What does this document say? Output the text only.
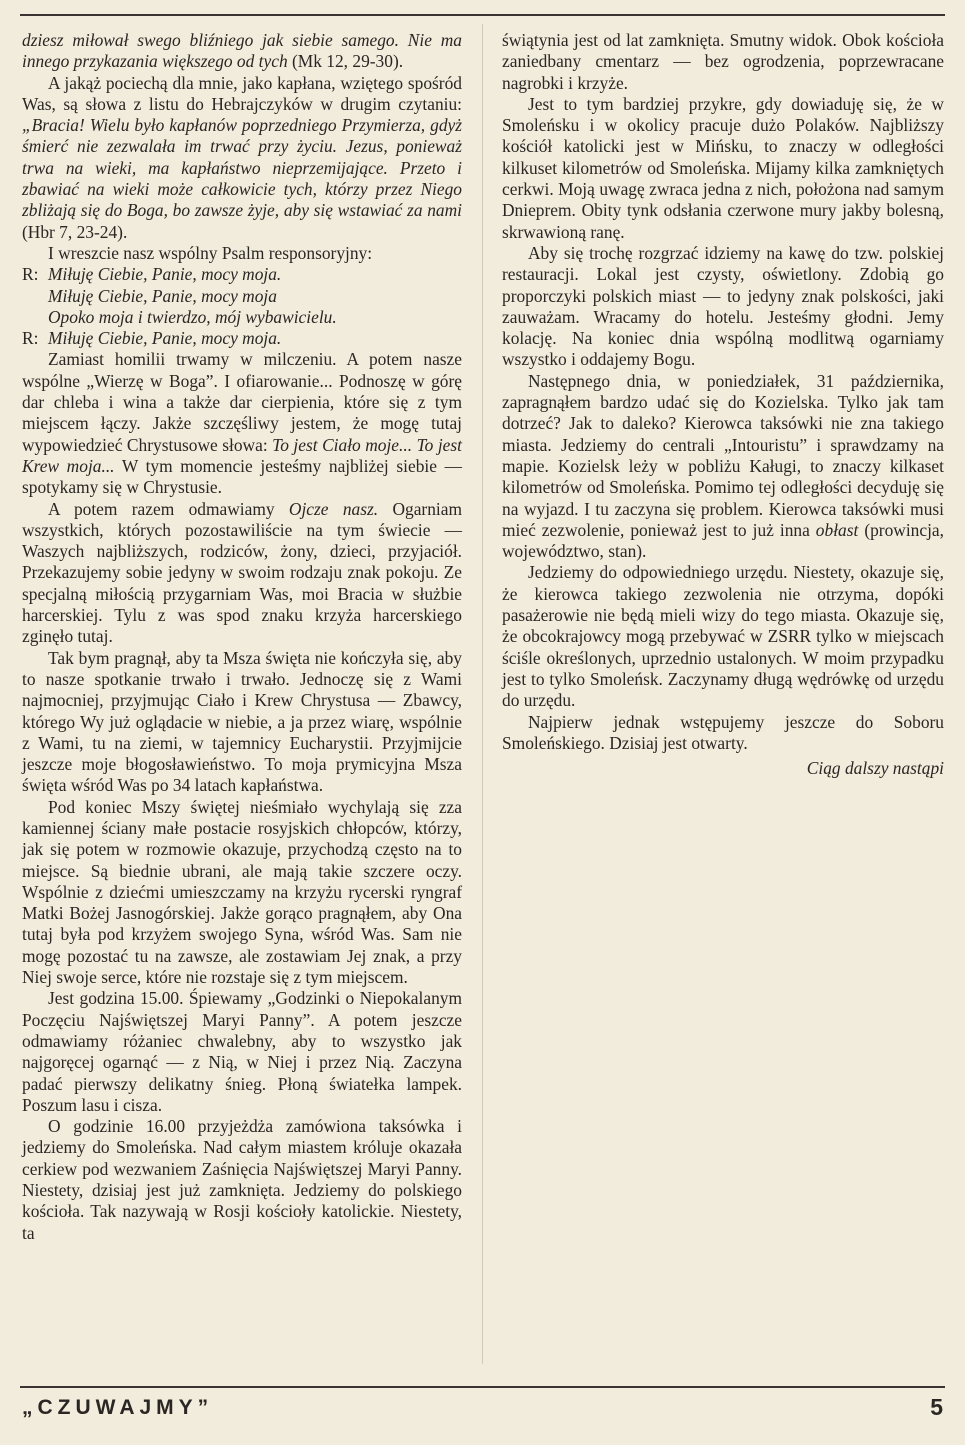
dziesz miłował swego bliźniego jak siebie samego. Nie ma innego przykazania większego od tych (Mk 12, 29-30).

A jakąż pociechą dla mnie, jako kapłana, wziętego spośród Was, są słowa z listu do Hebrajczyków w drugim czytaniu: „Bracia! Wielu było kapłanów poprzedniego Przymierza, gdyż śmierć nie zezwalała im trwać przy życiu. Jezus, ponieważ trwa na wieki, ma kapłaństwo nieprzemijające. Przeto i zbawiać na wieki może całkowicie tych, którzy przez Niego zbliżają się do Boga, bo zawsze żyje, aby się wstawiać za nami (Hbr 7, 23-24).

I wreszcie nasz wspólny Psalm responsoryjny:

R: Miłuję Ciebie, Panie, mocy moja.
Miłuję Ciebie, Panie, mocy moja
Opoko moja i twierdzo, mój wybawicielu.
R: Miłuję Ciebie, Panie, mocy moja.

Zamiast homilii trwamy w milczeniu. A potem nasze wspólne „Wierzę w Boga”. I ofiarowanie... Podnoszę w górę dar chleba i wina a także dar cierpienia, które się z tym miejscem łączy. Jakże szczęśliwy jestem, że mogę tutaj wypowiedzieć Chrystusowe słowa: To jest Ciało moje... To jest Krew moja... W tym momencie jesteśmy najbliżej siebie — spotykamy się w Chrystusie.

A potem razem odmawiamy Ojcze nasz. Ogarniam wszystkich, których pozostawiliście na tym świecie — Waszych najbliższych, rodziców, żony, dzieci, przyjaciół. Przekazujemy sobie jedyny w swoim rodzaju znak pokoju. Ze specjalną miłością przygarniam Was, moi Bracia w służbie harcerskiej. Tylu z was spod znaku krzyża harcerskiego zginęło tutaj.

Tak bym pragnął, aby ta Msza święta nie kończyła się, aby to nasze spotkanie trwało i trwało. Jednoczę się z Wami najmocniej, przyjmując Ciało i Krew Chrystusa — Zbawcy, którego Wy już oglądacie w niebie, a ja przez wiarę, wspólnie z Wami, tu na ziemi, w tajemnicy Eucharystii. Przyjmijcie jeszcze moje błogosławieństwo. To moja prymicyjna Msza święta wśród Was po 34 latach kapłaństwa.

Pod koniec Mszy świętej nieśmiało wychylają się zza kamiennej ściany małe postacie rosyjskich chłopców, którzy, jak się potem w rozmowie okazuje, przychodzą często na to miejsce. Są biednie ubrani, ale mają takie szczere oczy. Wspólnie z dziećmi umieszczamy na krzyżu rycerski ryngraf Matki Bożej Jasnogórskiej. Jakże gorąco pragnąłem, aby Ona tutaj była pod krzyżem swojego Syna, wśród Was. Sam nie mogę pozostać tu na zawsze, ale zostawiam Jej znak, a przy Niej swoje serce, które nie rozstaje się z tym miejscem.

Jest godzina 15.00. Śpiewamy „Godzinki o Niepokalanym Poczęciu Najświętszej Maryi Panny”. A potem jeszcze odmawiamy różaniec chwalebny, aby to wszystko jak najgoręcej ogarnąć — z Nią, w Niej i przez Nią. Zaczyna padać pierwszy delikatny śnieg. Płoną światełka lampek. Poszum lasu i cisza.

O godzinie 16.00 przyjeżdża zamówiona taksówka i jedziemy do Smoleńska. Nad całym miastem króluje okazała cerkiew pod wezwaniem Zaśnięcia Najświętszej Maryi Panny. Niestety, dzisiaj jest już zamknięta. Jedziemy do polskiego kościoła. Tak nazywają w Rosji kościoły katolickie. Niestety, ta

świątynia jest od lat zamknięta. Smutny widok. Obok kościoła zaniedbany cmentarz — bez ogrodzenia, poprzewracane nagrobki i krzyże.

Jest to tym bardziej przykre, gdy dowiaduję się, że w Smoleńsku i w okolicy pracuje dużo Polaków. Najbliższy kościół katolicki jest w Mińsku, to znaczy w odległości kilkuset kilometrów od Smoleńska. Mijamy kilka zamkniętych cerkwi. Moją uwagę zwraca jedna z nich, położona nad samym Dnieprem. Obity tynk odsłania czerwone mury jakby bolesną, skrwawioną ranę.

Aby się trochę rozgrzać idziemy na kawę do tzw. polskiej restauracji. Lokal jest czysty, oświetlony. Zdobią go proporczyki polskich miast — to jedyny znak polskości, jaki zauważam. Wracamy do hotelu. Jesteśmy głodni. Jemy kolację. Na koniec dnia wspólną modlitwą ogarniamy wszystko i oddajemy Bogu.

Następnego dnia, w poniedziałek, 31 października, zapragnąłem bardzo udać się do Kozielska. Tylko jak tam dotrzeć? Jak to daleko? Kierowca taksówki nie zna takiego miasta. Jedziemy do centrali „Intouristu” i sprawdzamy na mapie. Kozielsk leży w pobliżu Kaługi, to znaczy kilkaset kilometrów od Smoleńska. Pomimo tej odległości decyduję się na wyjazd. I tu zaczyna się problem. Kierowca taksówki musi mieć zezwolenie, ponieważ jest to już inna obłast (prowincja, województwo, stan).

Jedziemy do odpowiedniego urzędu. Niestety, okazuje się, że kierowca takiego zezwolenia nie otrzyma, dopóki pasażerowie nie będą mieli wizy do tego miasta. Okazuje się, że obcokrajowcy mogą przebywać w ZSRR tylko w miejscach ściśle określonych, uprzednio ustalonych. W moim przypadku jest to tylko Smoleńsk. Zaczynamy długą wędrówkę od urzędu do urzędu.

Najpierw jednak wstępujemy jeszcze do Soboru Smoleńskiego. Dzisiaj jest otwarty.

Ciąg dalszy nastąpi

„CZUWAJMY”	5
